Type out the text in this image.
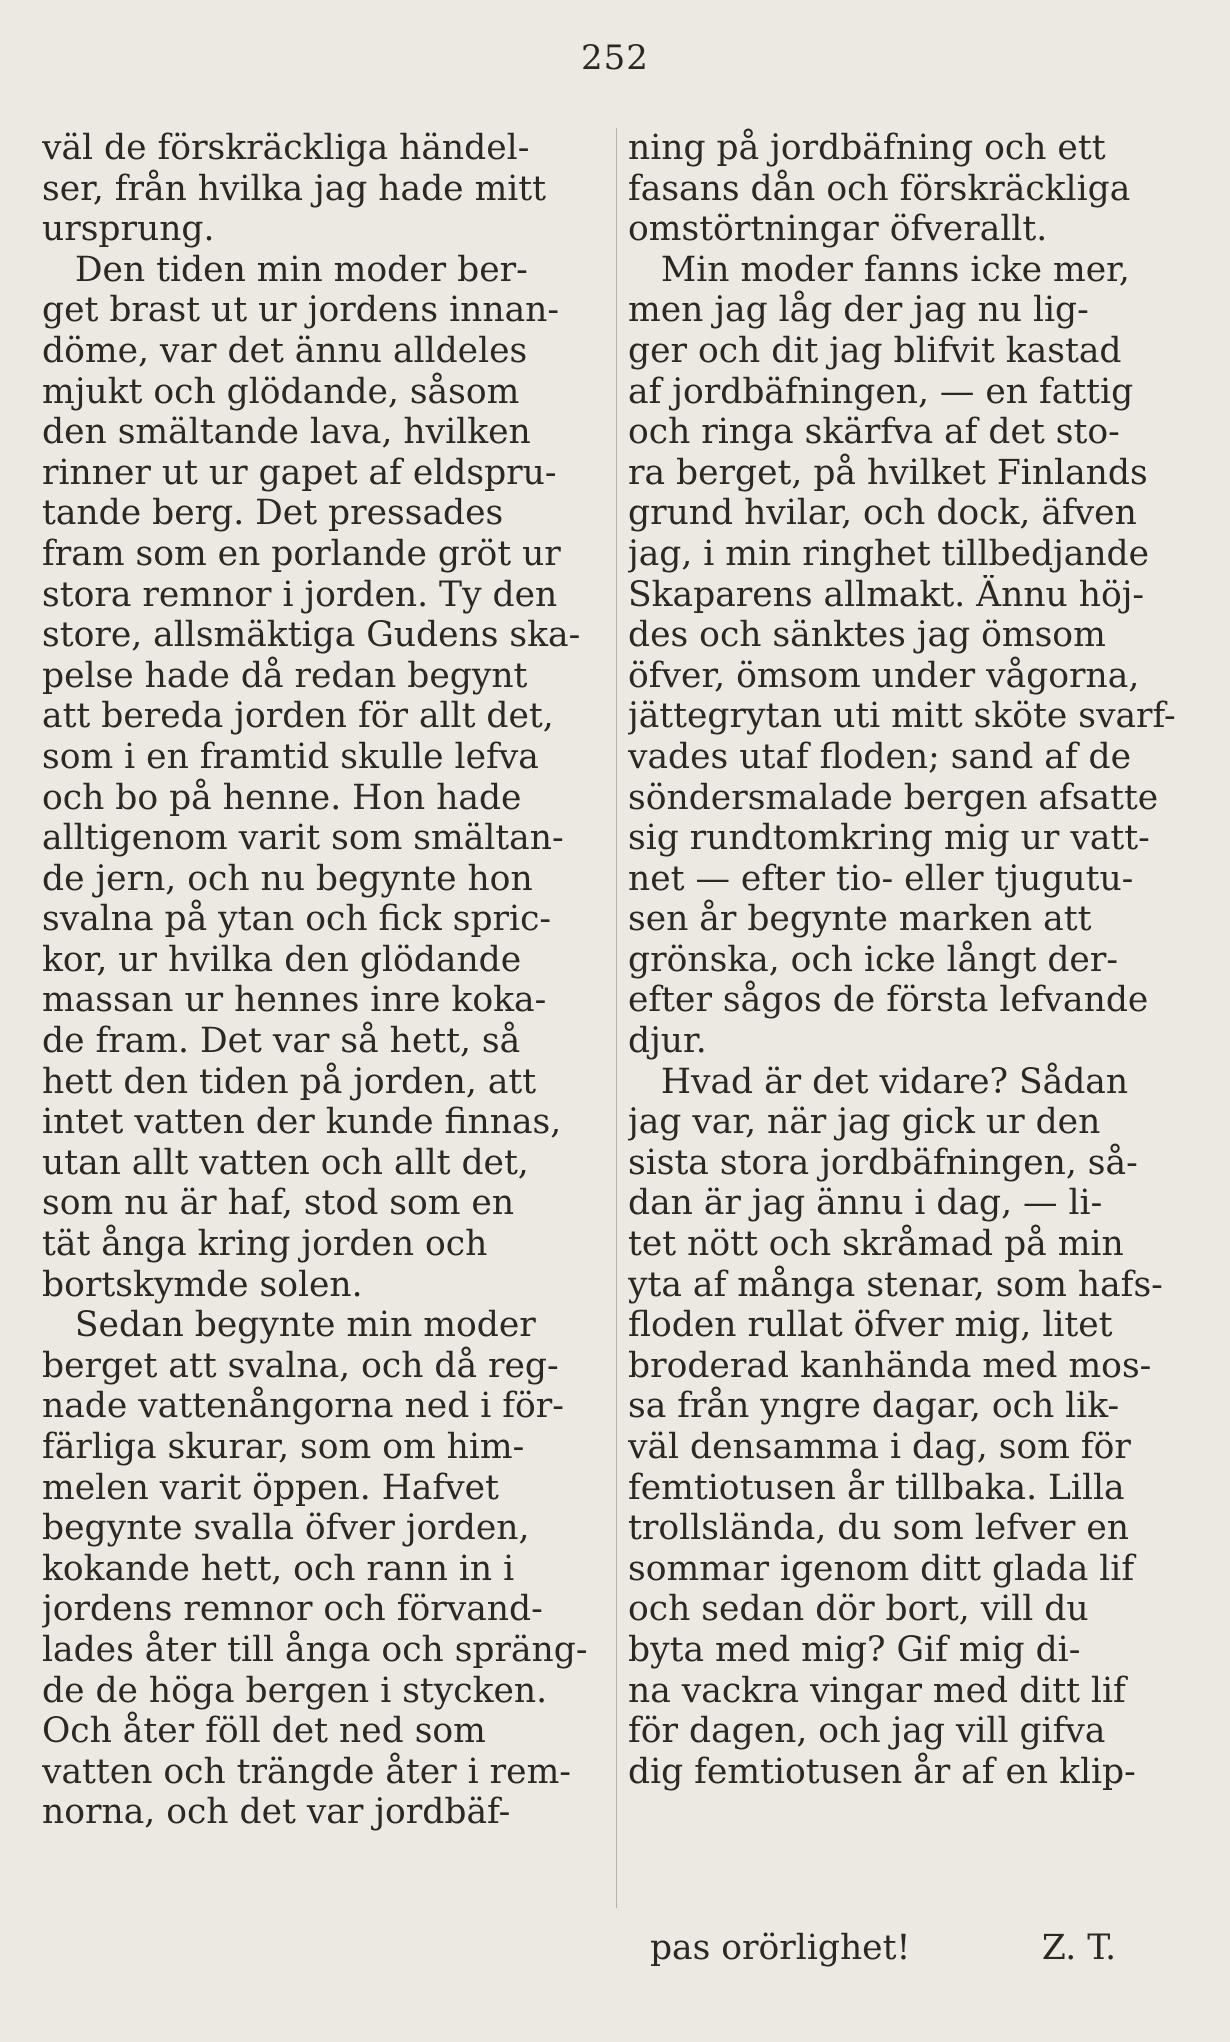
252
väl de förskräckliga händel-
ser, från hvilka jag hade mitt
ursprung.
Den tiden min moder ber-
get brast ut ur jordens innan-
döme, var det ännu alldeles
mjukt och glödande, såsom
den smältande lava, hvilken
rinner ut ur gapet af eldspru-
tande berg. Det pressades
fram som en porlande gröt ur
stora remnor i jorden. Ty den
store, allsmäktiga Gudens ska-
pelse hade då redan begynt
att bereda jorden för allt det,
som i en framtid skulle lefva
och bo på henne. Hon hade
alltigenom varit som smältan-
de jern, och nu begynte hon
svalna på ytan och fick spric-
kor, ur hvilka den glödande
massan ur hennes inre koka-
de fram. Det var så hett, så
hett den tiden på jorden, att
intet vatten der kunde finnas,
utan allt vatten och allt det,
som nu är haf, stod som en
tät ånga kring jorden och
bortskymde solen.
Sedan begynte min moder
berget att svalna, och då reg-
nade vattenångorna ned i för-
färliga skurar, som om him-
melen varit öppen. Hafvet
begynte svalla öfver jorden,
kokande hett, och rann in i
jordens remnor och förvand-
lades åter till ånga och spräng-
de de höga bergen i stycken.
Och åter föll det ned som
vatten och trängde åter i rem-
norna, och det var jordbäf-
ning på jordbäfning och ett
fasans dån och förskräckliga
omstörtningar öfverallt.
Min moder fanns icke mer,
men jag låg der jag nu lig-
ger och dit jag blifvit kastad
af jordbäfningen, — en fattig
och ringa skärfva af det sto-
ra berget, på hvilket Finlands
grund hvilar, och dock, äfven
jag, i min ringhet tillbedjande
Skaparens allmakt. Ännu höj-
des och sänktes jag ömsom
öfver, ömsom under vågorna,
jättegrytan uti mitt sköte svarf-
vades utaf floden; sand af de
söndersmalade bergen afsatte
sig rundtomkring mig ur vatt-
net — efter tio- eller tjugutu-
sen år begynte marken att
grönska, och icke långt der-
efter sågos de första lefvande
djur.
Hvad är det vidare? Sådan
jag var, när jag gick ur den
sista stora jordbäfningen, så-
dan är jag ännu i dag, — li-
tet nött och skråmad på min
yta af många stenar, som hafs-
floden rullat öfver mig, litet
broderad kanhända med mos-
sa från yngre dagar, och lik-
väl densamma i dag, som för
femtiotusen år tillbaka. Lilla
trollsländа, du som lefver en
sommar igenom ditt glada lif
och sedan dör bort, vill du
byta med mig? Gif mig di-
na vackra vingar med ditt lif
för dagen, och jag vill gifva
dig femtiotusen år af en klip-

pas orörlighet!	Z. T.
